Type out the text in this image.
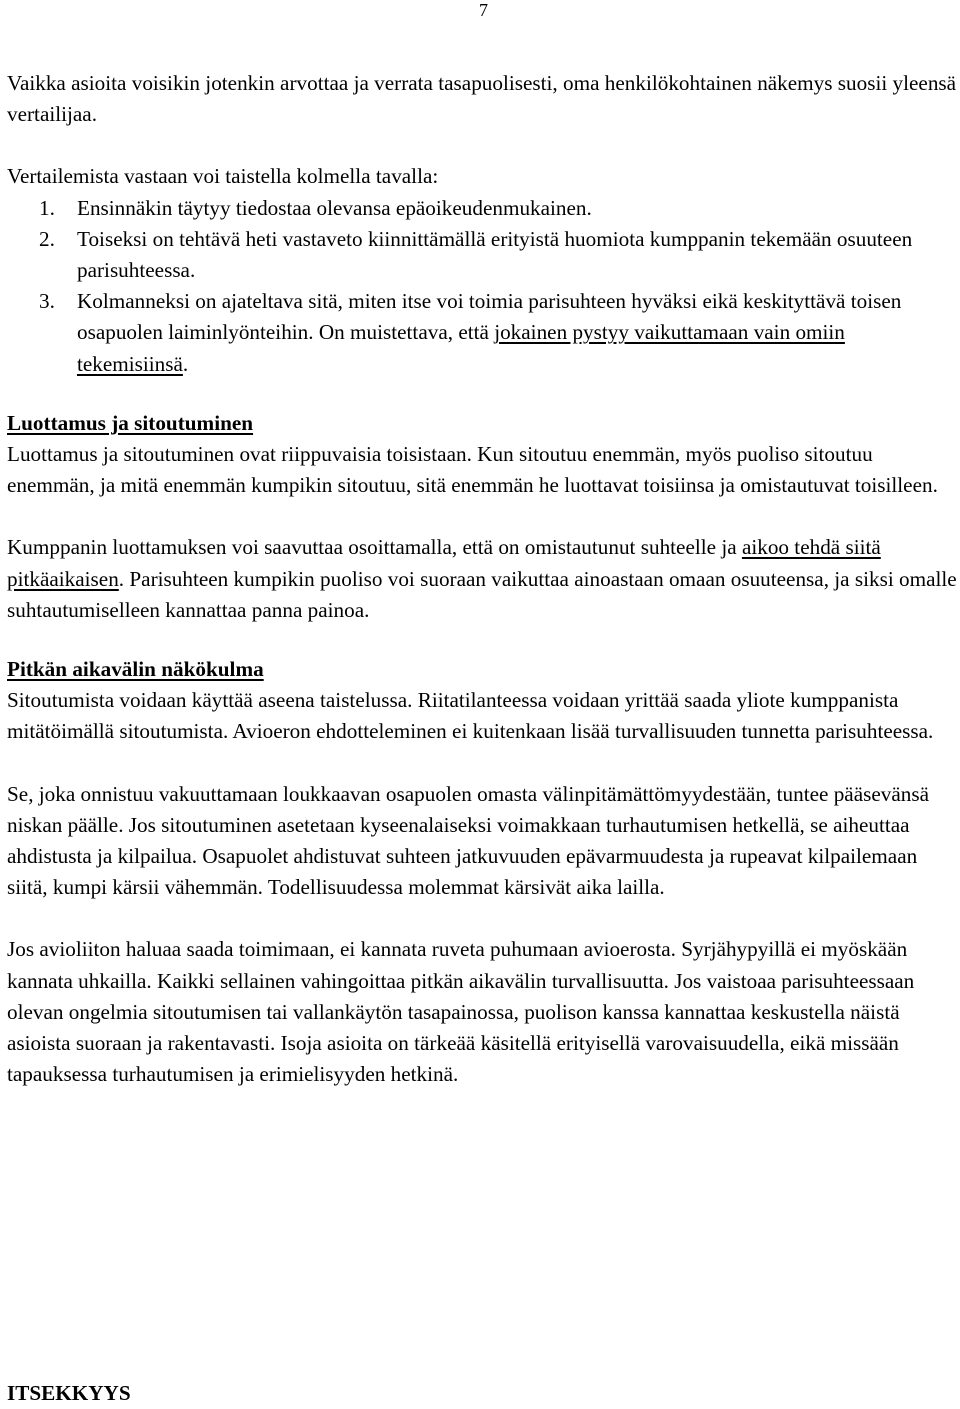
7

Vaikka asioita voisikin jotenkin arvottaa ja verrata tasapuolisesti, oma henkilökohtainen näkemys suosii yleensä vertailijaa.

Vertailemista vastaan voi taistella kolmella tavalla:

1. Ensinnäkin täytyy tiedostaa olevansa epäoikeudenmukainen.
2. Toiseksi on tehtävä heti vastaveto kiinnittämällä erityistä huomiota kumppanin tekemään osuuteen parisuhteessa.
3. Kolmanneksi on ajateltava sitä, miten itse voi toimia parisuhteen hyväksi eikä keskityttävä toisen osapuolen laiminlyönteihin. On muistettava, että jokainen pystyy vaikuttamaan vain omiin tekemisiinsä.
Luottamus ja sitoutuminen

Luottamus ja sitoutuminen ovat riippuvaisia toisistaan. Kun sitoutuu enemmän, myös puoliso sitoutuu enemmän, ja mitä enemmän kumpikin sitoutuu, sitä enemmän he luottavat toisiinsa ja omistautuvat toisilleen.

Kumppanin luottamuksen voi saavuttaa osoittamalla, että on omistautunut suhteelle ja aikoo tehdä siitä pitkäaikaisen. Parisuhteen kumpikin puoliso voi suoraan vaikuttaa ainoastaan omaan osuuteensa, ja siksi omalle suhtautumiselleen kannattaa panna painoa.

Pitkän aikavälin näkökulma

Sitoutumista voidaan käyttää aseena taistelussa. Riitatilanteessa voidaan yrittää saada yliote kumppanista mitätöimällä sitoutumista. Avioeron ehdotteleminen ei kuitenkaan lisää turvallisuuden tunnetta parisuhteessa.

Se, joka onnistuu vakuuttamaan loukkaavan osapuolen omasta välinpitämättömyydestään, tuntee pääsevänsä niskan päälle. Jos sitoutuminen asetetaan kyseenalaiseksi voimakkaan turhautumisen hetkellä, se aiheuttaa ahdistusta ja kilpailua. Osapuolet ahdistuvat suhteen jatkuvuuden epävarmuudesta ja rupeavat kilpailemaan siitä, kumpi kärsii vähemmän. Todellisuudessa molemmat kärsivät aika lailla.

Jos avioliiton haluaa saada toimimaan, ei kannata ruveta puhumaan avioerosta. Syrjähypyillä ei myöskään kannata uhkailla. Kaikki sellainen vahingoittaa pitkän aikavälin turvallisuutta. Jos vaistoaa parisuhteessaan olevan ongelmia sitoutumisen tai vallankäytön tasapainossa, puolison kanssa kannattaa keskustella näistä asioista suoraan ja rakentavasti. Isoja asioita on tärkeää käsitellä erityisellä varovaisuudella, eikä missään tapauksessa turhautumisen ja erimielisyyden hetkinä.

ITSEKKYYS
